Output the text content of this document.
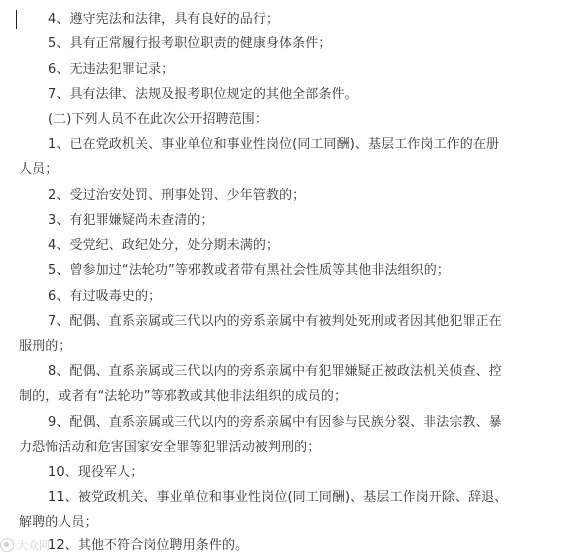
4、遵守宪法和法律，具有良好的品行；
5、具有正常履行报考职位职责的健康身体条件；
6、无违法犯罪记录；
7、具有法律、法规及报考职位规定的其他全部条件。
(二)下列人员不在此次公开招聘范围：
1、已在党政机关、事业单位和事业性岗位(同工同酬)、基层工作岗工作的在册
人员；
2、受过治安处罚、刑事处罚、少年管教的；
3、有犯罪嫌疑尚未查清的；
4、受党纪、政纪处分，处分期未满的；
5、曾参加过“法轮功”等邪教或者带有黑社会性质等其他非法组织的；
6、有过吸毒史的；
7、配偶、直系亲属或三代以内的旁系亲属中有被判处死刑或者因其他犯罪正在
服刑的；
8、配偶、直系亲属或三代以内的旁系亲属中有犯罪嫌疑正被政法机关侦查、控
制的，或者有“法轮功”等邪教或其他非法组织的成员的；
9、配偶、直系亲属或三代以内的旁系亲属中有因参与民族分裂、非法宗教、暴
力恐怖活动和危害国家安全罪等犯罪活动被判刑的；
10、现役军人；
11、被党政机关、事业单位和事业性岗位(同工同酬)、基层工作岗开除、辞退、
解聘的人员；
12、其他不符合岗位聘用条件的。
大众网
